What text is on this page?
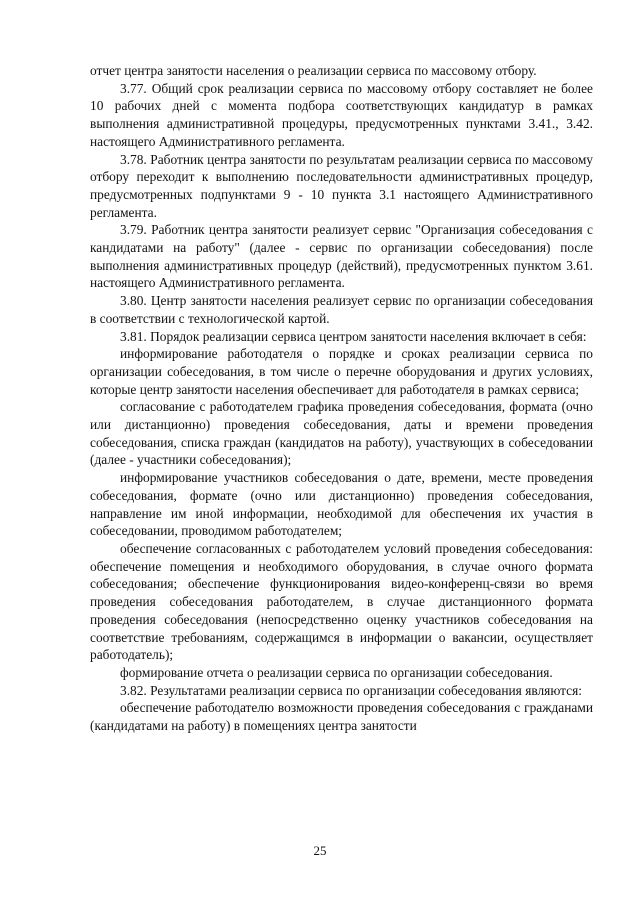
отчет центра занятости населения о реализации сервиса по массовому отбору.

3.77. Общий срок реализации сервиса по массовому отбору составляет не более 10 рабочих дней с момента подбора соответствующих кандидатур в рамках выполнения административной процедуры, предусмотренных пунктами 3.41., 3.42. настоящего Административного регламента.

3.78. Работник центра занятости по результатам реализации сервиса по массовому отбору переходит к выполнению последовательности административных процедур, предусмотренных подпунктами 9 - 10 пункта 3.1 настоящего Административного регламента.

3.79. Работник центра занятости реализует сервис "Организация собеседования с кандидатами на работу" (далее - сервис по организации собеседования) после выполнения административных процедур (действий), предусмотренных пунктом 3.61. настоящего Административного регламента.

3.80. Центр занятости населения реализует сервис по организации собеседования в соответствии с технологической картой.

3.81. Порядок реализации сервиса центром занятости населения включает в себя:

информирование работодателя о порядке и сроках реализации сервиса по организации собеседования, в том числе о перечне оборудования и других условиях, которые центр занятости населения обеспечивает для работодателя в рамках сервиса;

согласование с работодателем графика проведения собеседования, формата (очно или дистанционно) проведения собеседования, даты и времени проведения собеседования, списка граждан (кандидатов на работу), участвующих в собеседовании (далее - участники собеседования);

информирование участников собеседования о дате, времени, месте проведения собеседования, формате (очно или дистанционно) проведения собеседования, направление им иной информации, необходимой для обеспечения их участия в собеседовании, проводимом работодателем;

обеспечение согласованных с работодателем условий проведения собеседования: обеспечение помещения и необходимого оборудования, в случае очного формата собеседования; обеспечение функционирования видео-конференц-связи во время проведения собеседования работодателем, в случае дистанционного формата проведения собеседования (непосредственно оценку участников собеседования на соответствие требованиям, содержащимся в информации о вакансии, осуществляет работодатель);

формирование отчета о реализации сервиса по организации собеседования.

3.82. Результатами реализации сервиса по организации собеседования являются:

обеспечение работодателю возможности проведения собеседования с гражданами (кандидатами на работу) в помещениях центра занятости

25
